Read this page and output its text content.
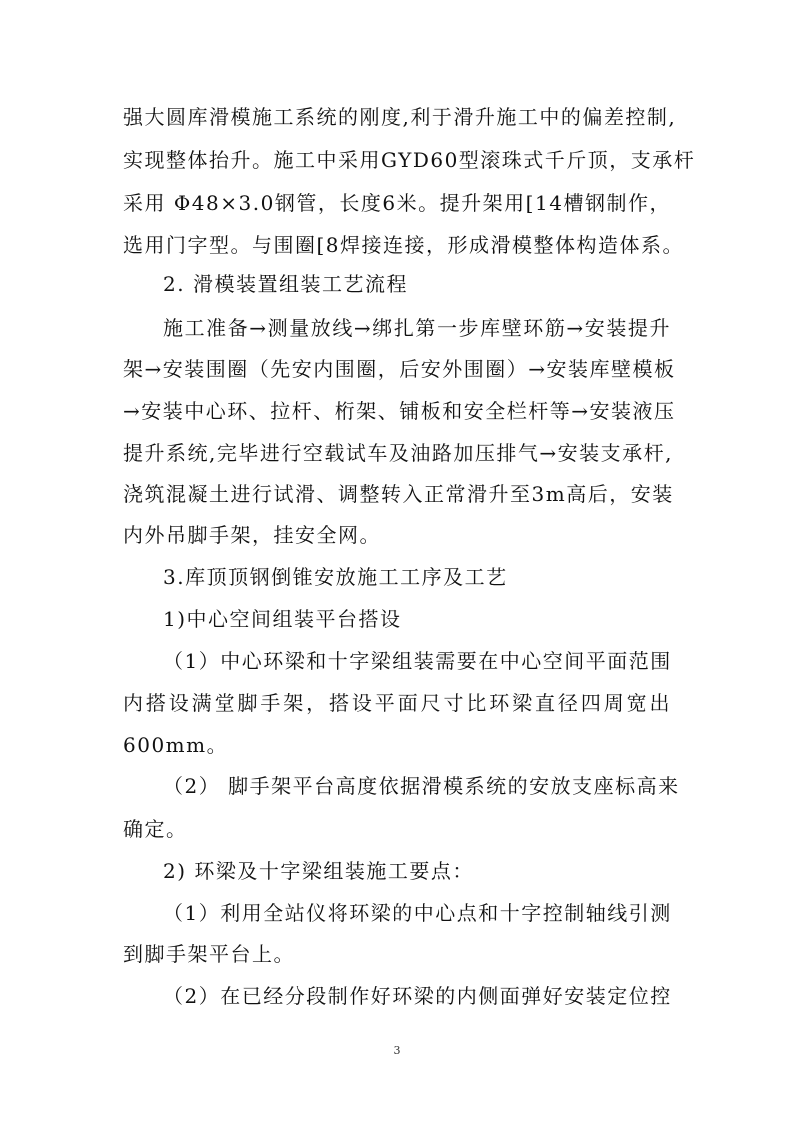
强大圆库滑模施工系统的刚度,利于滑升施工中的偏差控制,
实现整体抬升。施工中采用GYD60型滚珠式千斤顶，支承杆
采用 Φ48×3.0钢管，长度6米。提升架用[14槽钢制作，
选用门字型。与围圈[8焊接连接，形成滑模整体构造体系。
2. 滑模装置组装工艺流程
施工准备→测量放线→绑扎第一步库壁环筋→安装提升
架→安装围圈（先安内围圈，后安外围圈）→安装库壁模板
→安装中心环、拉杆、桁架、铺板和安全栏杆等→安装液压
提升系统,完毕进行空载试车及油路加压排气→安装支承杆,
浇筑混凝土进行试滑、调整转入正常滑升至3m高后，安装
内外吊脚手架，挂安全网。
3.库顶顶钢倒锥安放施工工序及工艺
1)中心空间组装平台搭设
（1）中心环梁和十字梁组装需要在中心空间平面范围
内搭设满堂脚手架，搭设平面尺寸比环梁直径四周宽出
600mm。
（2） 脚手架平台高度依据滑模系统的安放支座标高来
确定。
2) 环梁及十字梁组装施工要点：
（1）利用全站仪将环梁的中心点和十字控制轴线引测
到脚手架平台上。
（2）在已经分段制作好环梁的内侧面弹好安装定位控
3
